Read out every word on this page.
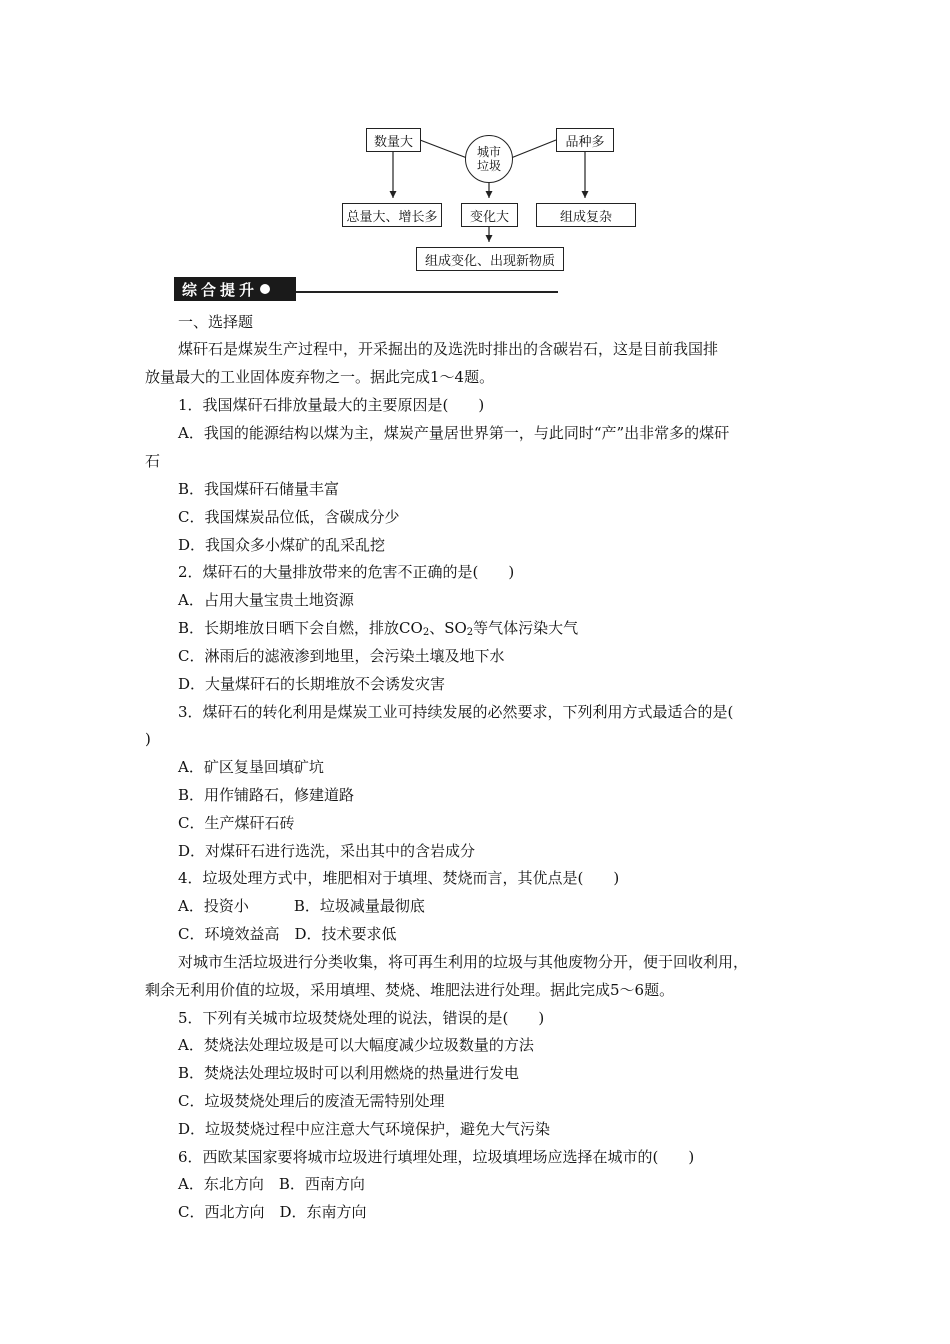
数量大	品种多
城市
垃圾
总量大、增长多	变化大	组成复杂
组成变化、出现新物质
综合提升
一、选择题
煤矸石是煤炭生产过程中，开采掘出的及选洗时排出的含碳岩石，这是目前我国排
放量最大的工业固体废弃物之一。据此完成1～4题。
1．我国煤矸石排放量最大的主要原因是(　　)
A．我国的能源结构以煤为主，煤炭产量居世界第一，与此同时“产”出非常多的煤矸
石
B．我国煤矸石储量丰富
C．我国煤炭品位低，含碳成分少
D．我国众多小煤矿的乱采乱挖
2．煤矸石的大量排放带来的危害不正确的是(　　)
A．占用大量宝贵土地资源
B．长期堆放日晒下会自燃，排放$CO_2$、$SO_2$等气体污染大气
C．淋雨后的滤液渗到地里，会污染土壤及地下水
D．大量煤矸石的长期堆放不会诱发灾害
3．煤矸石的转化利用是煤炭工业可持续发展的必然要求，下列利用方式最适合的是(
)
A．矿区复垦回填矿坑
B．用作铺路石，修建道路
C．生产煤矸石砖
D．对煤矸石进行选洗，采出其中的含岩成分
4．垃圾处理方式中，堆肥相对于填埋、焚烧而言，其优点是(　　)
A．投资小　　　B．垃圾减量最彻底
C．环境效益高　D．技术要求低
对城市生活垃圾进行分类收集，将可再生利用的垃圾与其他废物分开，便于回收利用，
剩余无利用价值的垃圾，采用填埋、焚烧、堆肥法进行处理。据此完成5～6题。
5．下列有关城市垃圾焚烧处理的说法，错误的是(　　)
A．焚烧法处理垃圾是可以大幅度减少垃圾数量的方法
B．焚烧法处理垃圾时可以利用燃烧的热量进行发电
C．垃圾焚烧处理后的废渣无需特别处理
D．垃圾焚烧过程中应注意大气环境保护，避免大气污染
6．西欧某国家要将城市垃圾进行填埋处理，垃圾填埋场应选择在城市的(　　)
A．东北方向　B．西南方向
C．西北方向　D．东南方向
